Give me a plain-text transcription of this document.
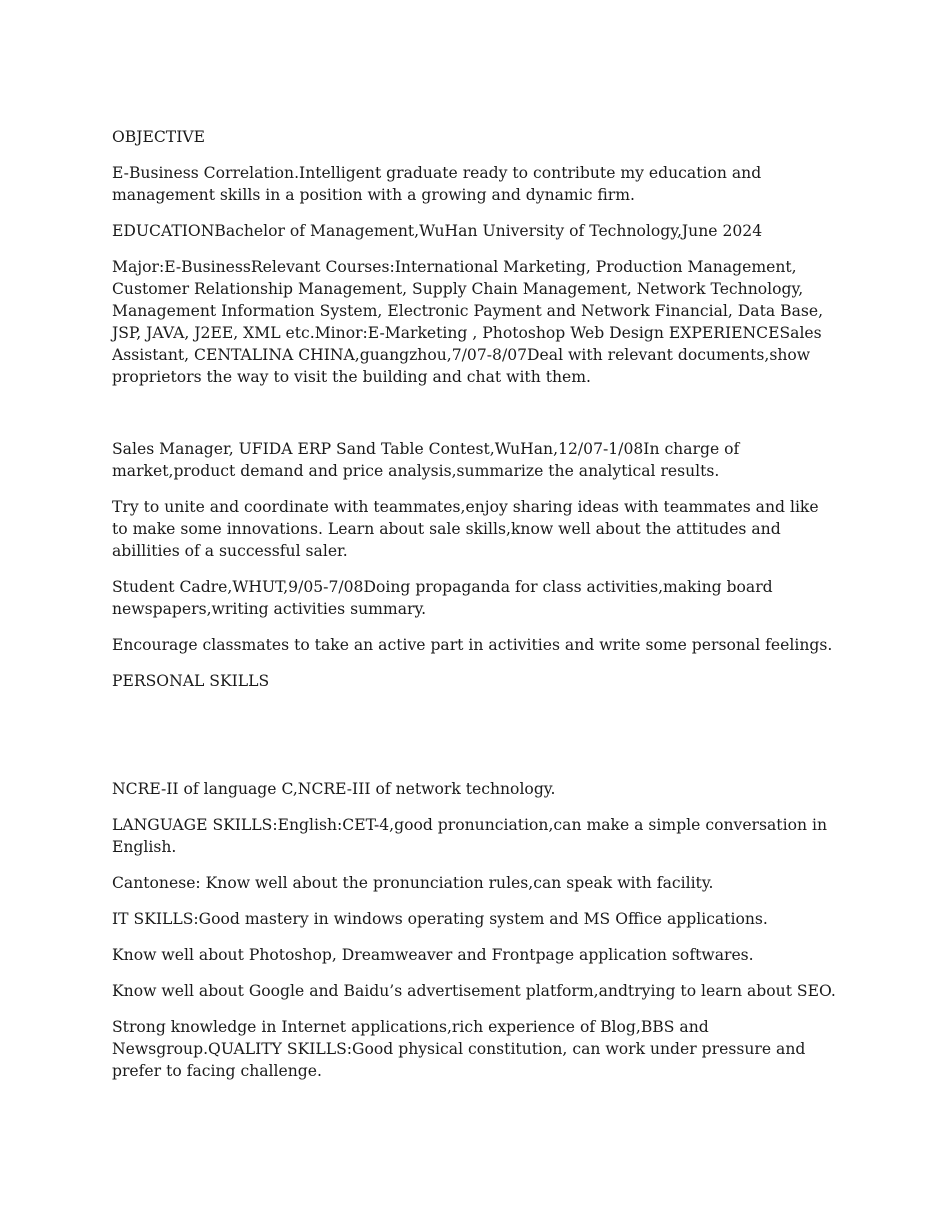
OBJECTIVE

E-Business Correlation.Intelligent graduate ready to contribute my education and management skills in a position with a growing and dynamic firm.

EDUCATIONBachelor of Management,WuHan University of Technology,June 2024

Major:E-BusinessRelevant Courses:International Marketing, Production Management, Customer Relationship Management, Supply Chain Management, Network Technology, Management Information System, Electronic Payment and Network Financial, Data Base, JSP, JAVA, J2EE, XML etc.Minor:E-Marketing , Photoshop Web Design EXPERIENCESales Assistant, CENTALINA CHINA,guangzhou,7/07-8/07Deal with relevant documents,show proprietors the way to visit the building and chat with them.

Sales Manager, UFIDA ERP Sand Table Contest,WuHan,12/07-1/08In charge of market,product demand and price analysis,summarize the analytical results.

Try to unite and coordinate with teammates,enjoy sharing ideas with teammates and like to make some innovations. Learn about sale skills,know well about the attitudes and abillities of a successful saler.

Student Cadre,WHUT,9/05-7/08Doing propaganda for class activities,making board newspapers,writing activities summary.

Encourage classmates to take an active part in activities and write some personal feelings.

PERSONAL SKILLS

NCRE-II of language C,NCRE-III of network technology.

LANGUAGE SKILLS:English:CET-4,good pronunciation,can make a simple conversation in English.

Cantonese: Know well about the pronunciation rules,can speak with facility.

IT SKILLS:Good mastery in windows operating system and MS Office applications.

Know well about Photoshop, Dreamweaver and Frontpage application softwares.

Know well about Google and Baidu’s advertisement platform,andtrying to learn about SEO.

Strong knowledge in Internet applications,rich experience of Blog,BBS and Newsgroup.QUALITY SKILLS:Good physical constitution, can work under pressure and prefer to facing challenge.
